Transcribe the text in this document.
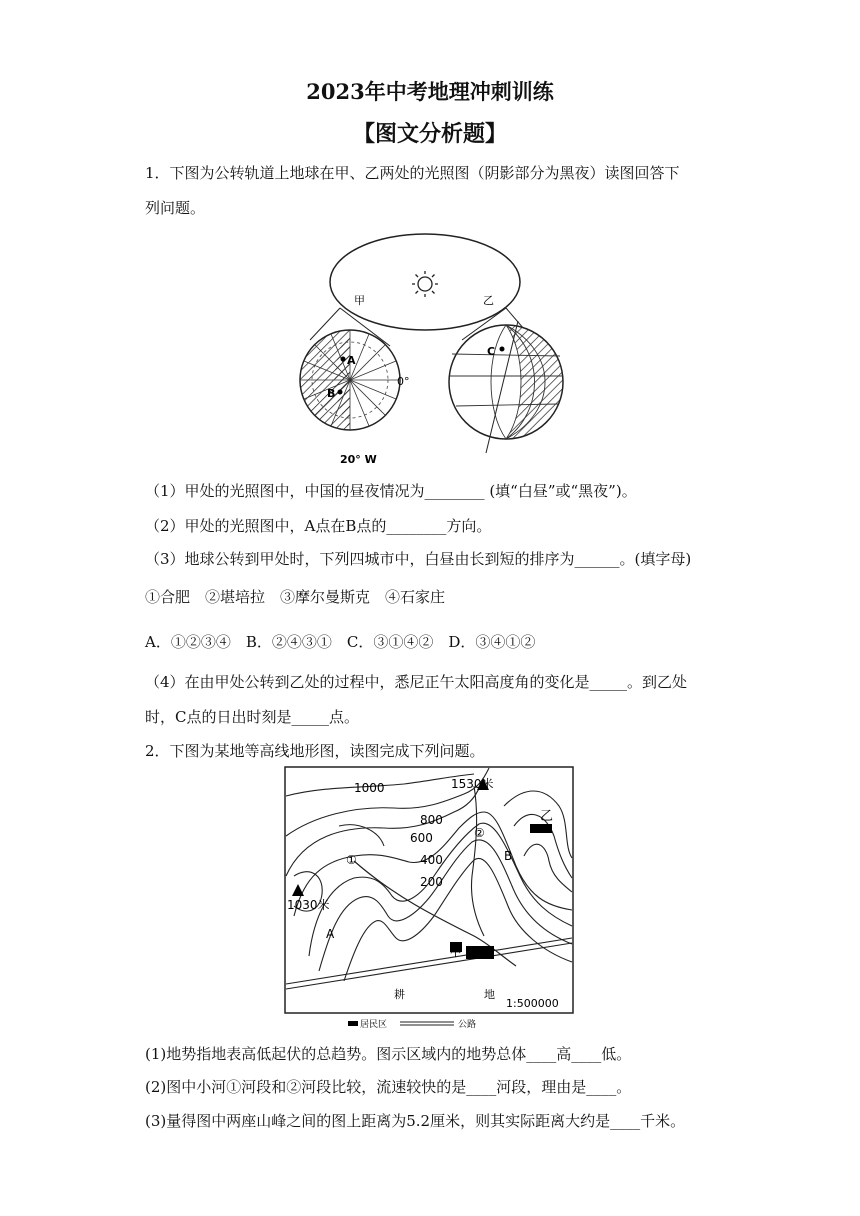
2023年中考地理冲刺训练
【图文分析题】
1．下图为公转轨道上地球在甲、乙两处的光照图（阴影部分为黑夜）读图回答下
列问题。
甲	乙
A
B
0°
20° W
C
（1）甲处的光照图中，中国的昼夜情况为________ (填“白昼”或“黑夜”)。
（2）甲处的光照图中，A点在B点的________方向。
（3）地球公转到甲处时，下列四城市中，白昼由长到短的排序为______。(填字母)
①合肥　②堪培拉　③摩尔曼斯克　④石家庄
A．①②③④　B．②④③①　C．③①④②　D．③④①②
（4）在由甲处公转到乙处的过程中，悉尼正午太阳高度角的变化是_____。到乙处
时，C点的日出时刻是_____点。
2．下图为某地等高线地形图，读图完成下列问题。
1000
800
600
400
200
1530米
1030米
①
②
A
B
甲
乙
耕	地
1:500000
居民区	公路
(1)地势指地表高低起伏的总趋势。图示区域内的地势总体____高____低。
(2)图中小河①河段和②河段比较，流速较快的是____河段，理由是____。
(3)量得图中两座山峰之间的图上距离为5.2厘米，则其实际距离大约是____千米。
